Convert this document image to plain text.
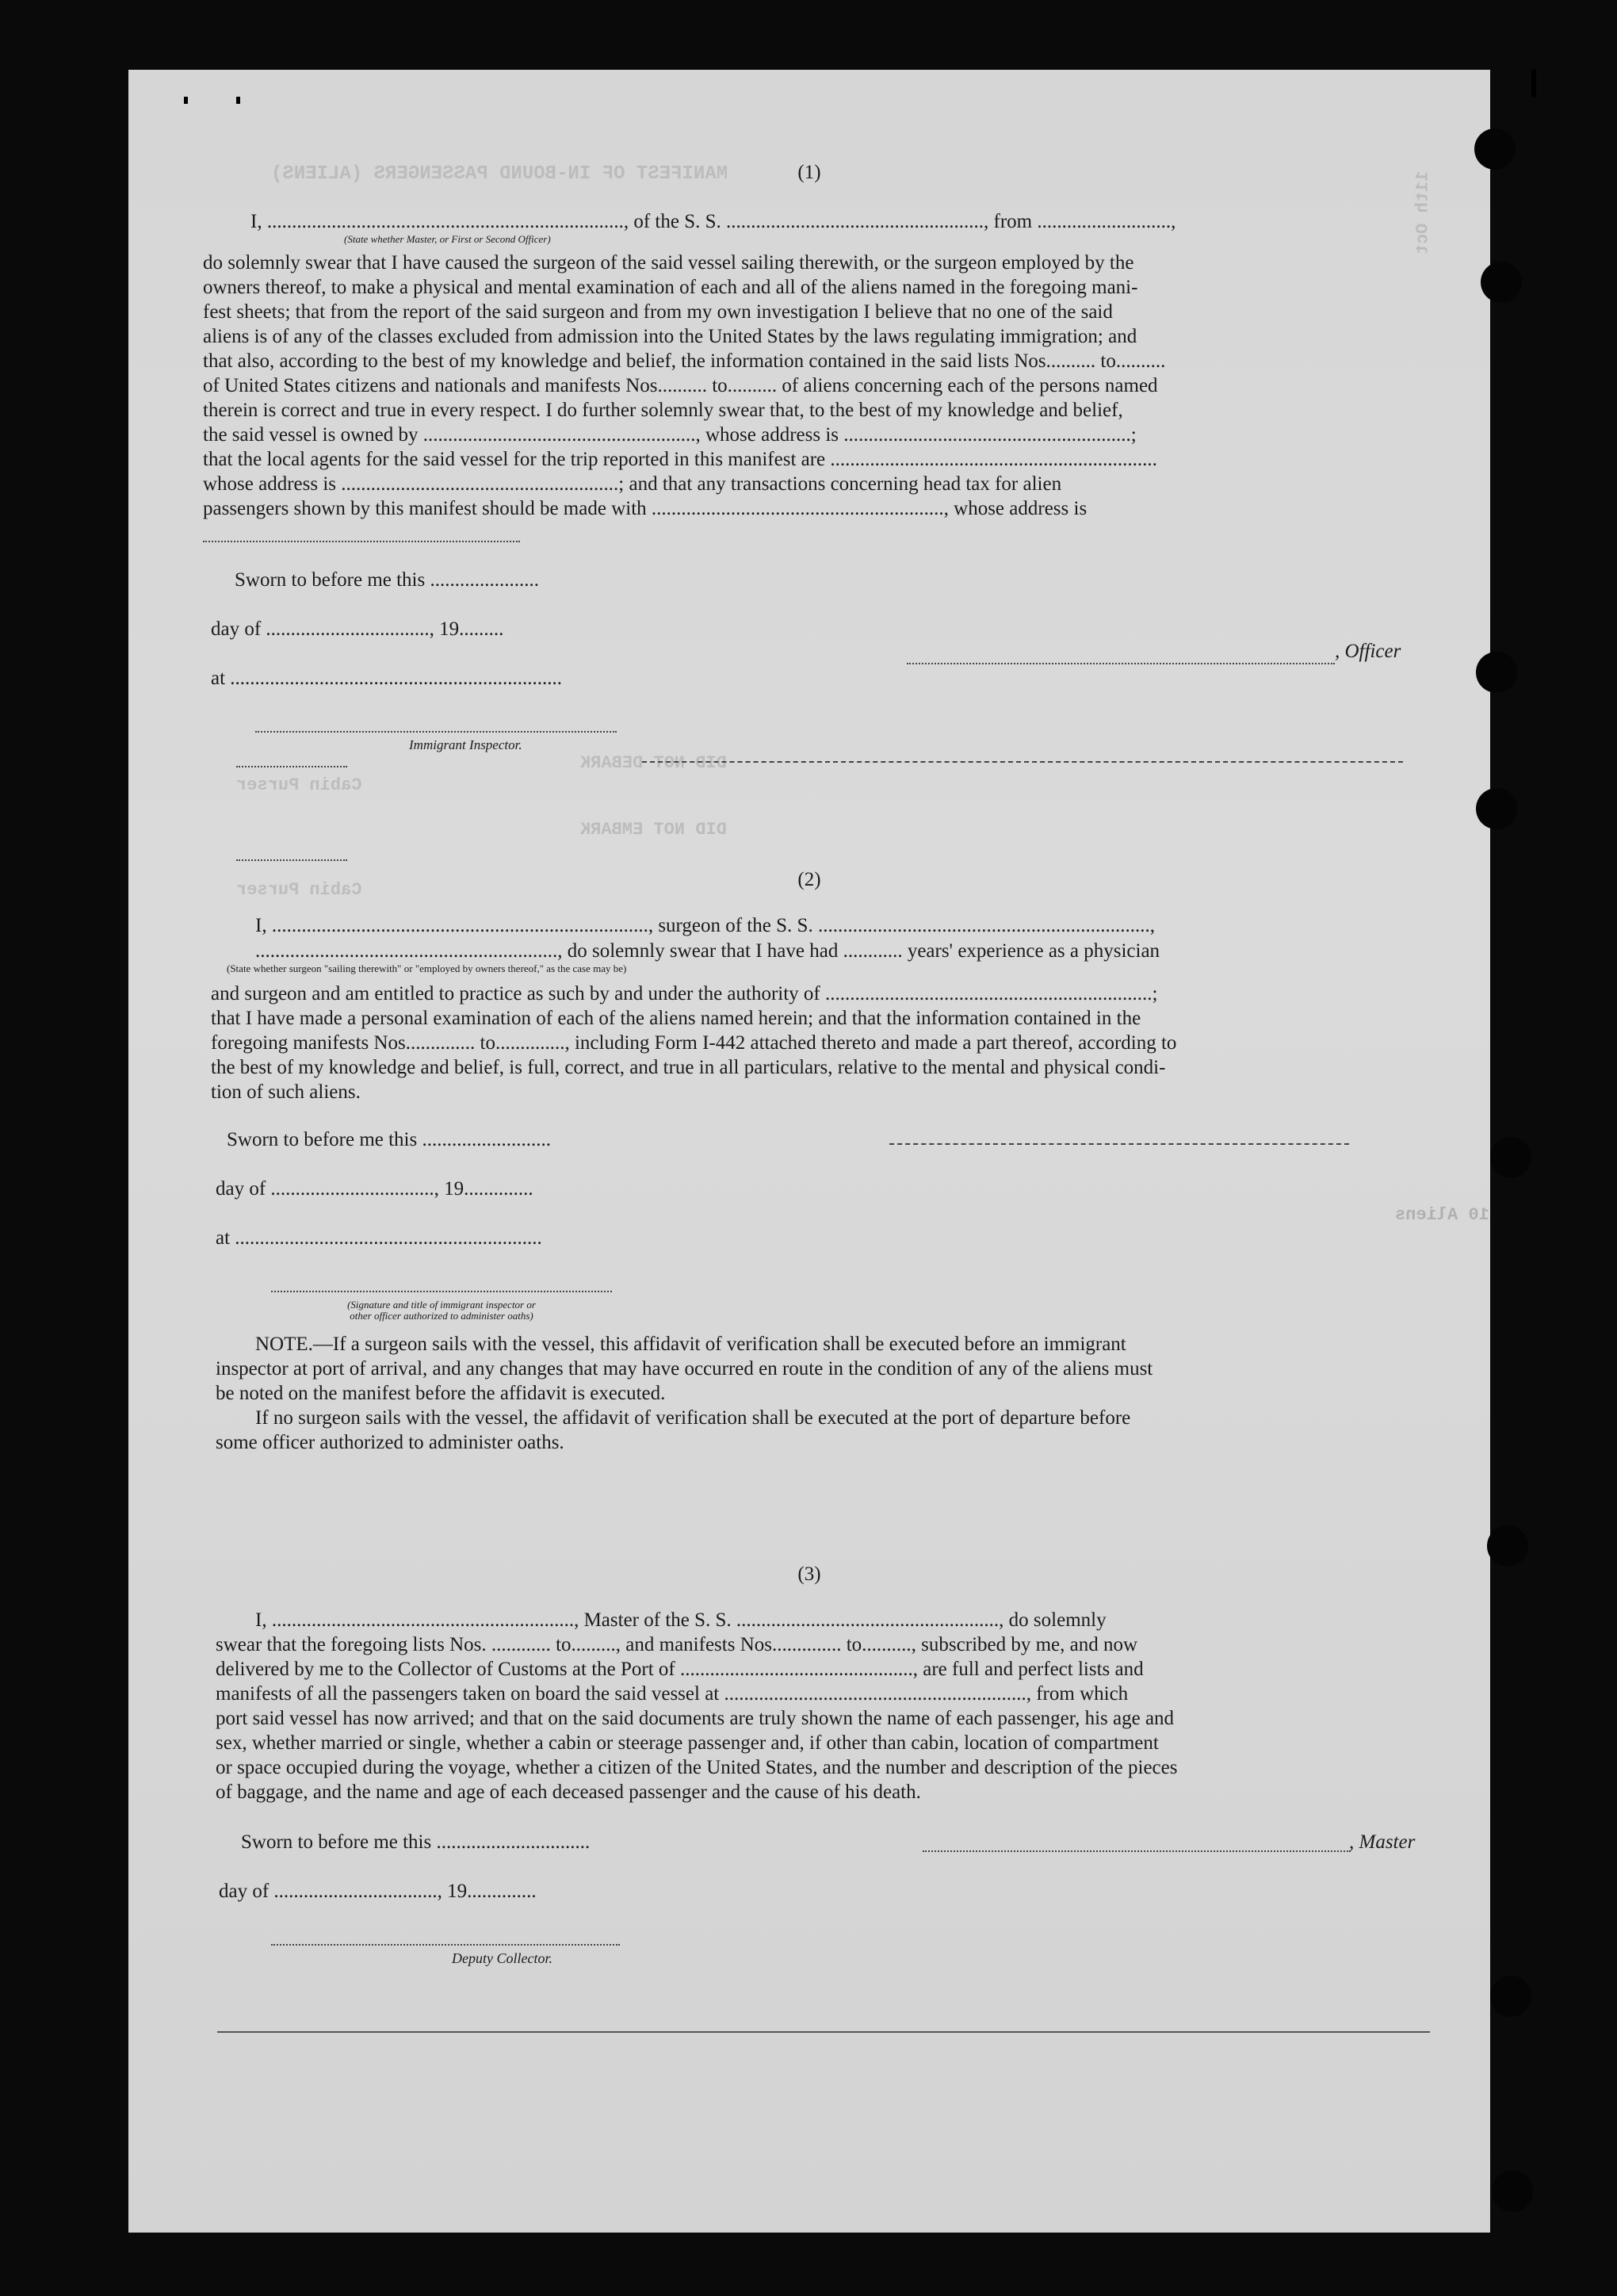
MANIFEST OF IN-BOUND PASSENGERS (ALIENS)	11th Oct
DID NOT DEBARK
Cabin Purser
DID NOT EMBARK
Cabin Purser
10 Aliens
(1)
I, ........................................................................, of the S. S. ...................................................., from ...........................,
(State whether Master, or First or Second Officer)
do solemnly swear that I have caused the surgeon of the said vessel sailing therewith, or the surgeon employed by the
owners thereof, to make a physical and mental examination of each and all of the aliens named in the foregoing mani-
fest sheets; that from the report of the said surgeon and from my own investigation I believe that no one of the said
aliens is of any of the classes excluded from admission into the United States by the laws regulating immigration; and
that also, according to the best of my knowledge and belief, the information contained in the said lists Nos.......... to..........
of United States citizens and nationals and manifests Nos.......... to.......... of aliens concerning each of the persons named
therein is correct and true in every respect. I do further solemnly swear that, to the best of my knowledge and belief,
the said vessel is owned by ......................................................., whose address is ..........................................................;
that the local agents for the said vessel for the trip reported in this manifest are ..................................................................
whose address is ........................................................; and that any transactions concerning head tax for alien
passengers shown by this manifest should be made with ..........................................................., whose address is
Sworn to before me this ......................
day of ................................., 19.........
at ...................................................................
, Officer
Immigrant Inspector.
(2)
I, ............................................................................, surgeon of the S. S. ...................................................................,
............................................................., do solemnly swear that I have had ............ years' experience as a physician
(State whether surgeon "sailing therewith" or "employed by owners thereof," as the case may be)
and surgeon and am entitled to practice as such by and under the authority of ..................................................................;
that I have made a personal examination of each of the aliens named herein; and that the information contained in the
foregoing manifests Nos.............. to.............., including Form I-442 attached thereto and made a part thereof, according to
the best of my knowledge and belief, is full, correct, and true in all particulars, relative to the mental and physical condi-
tion of such aliens.
Sworn to before me this ..........................
day of ................................., 19..............
at ..............................................................
(Signature and title of immigrant inspector or
other officer authorized to administer oaths)
NOTE.—If a surgeon sails with the vessel, this affidavit of verification shall be executed before an immigrant
inspector at port of arrival, and any changes that may have occurred en route in the condition of any of the aliens must
be noted on the manifest before the affidavit is executed.
If no surgeon sails with the vessel, the affidavit of verification shall be executed at the port of departure before
some officer authorized to administer oaths.
(3)
I, ............................................................., Master of the S. S. ....................................................., do solemnly
swear that the foregoing lists Nos. ............ to........., and manifests Nos.............. to.........., subscribed by me, and now
delivered by me to the Collector of Customs at the Port of ..............................................., are full and perfect lists and
manifests of all the passengers taken on board the said vessel at ............................................................., from which
port said vessel has now arrived; and that on the said documents are truly shown the name of each passenger, his age and
sex, whether married or single, whether a cabin or steerage passenger and, if other than cabin, location of compartment
or space occupied during the voyage, whether a citizen of the United States, and the number and description of the pieces
of baggage, and the name and age of each deceased passenger and the cause of his death.
Sworn to before me this ...............................	, Master
day of ................................., 19..............
Deputy Collector.
